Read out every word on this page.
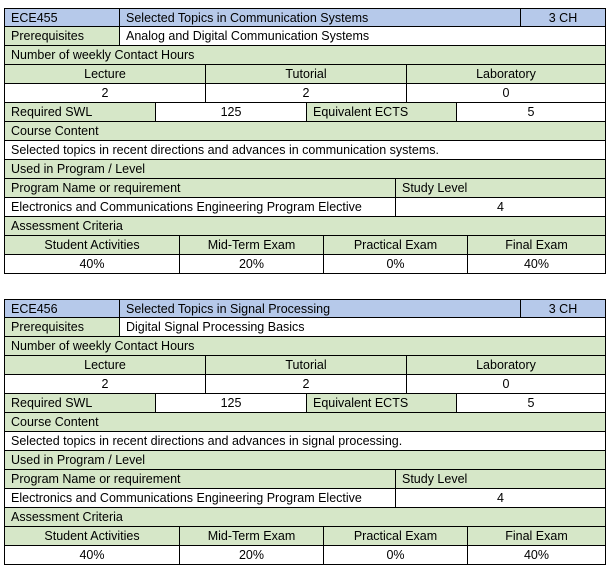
ECE455	Selected Topics in Communication Systems	3 CH
Prerequisites	Analog and Digital Communication Systems
Number of weekly Contact Hours
Lecture	Tutorial	Laboratory
2	2	0
Required SWL	125	Equivalent ECTS	5
Course Content
Selected topics in recent directions and advances in communication systems.
Used in Program / Level
Program Name or requirement	Study Level
Electronics and Communications Engineering Program Elective	4
Assessment Criteria
Student Activities	Mid-Term Exam	Practical Exam	Final Exam
40%	20%	0%	40%
ECE456	Selected Topics in Signal Processing	3 CH
Prerequisites	Digital Signal Processing Basics
Number of weekly Contact Hours
Lecture	Tutorial	Laboratory
2	2	0
Required SWL	125	Equivalent ECTS	5
Course Content
Selected topics in recent directions and advances in signal processing.
Used in Program / Level
Program Name or requirement	Study Level
Electronics and Communications Engineering Program Elective	4
Assessment Criteria
Student Activities	Mid-Term Exam	Practical Exam	Final Exam
40%	20%	0%	40%
